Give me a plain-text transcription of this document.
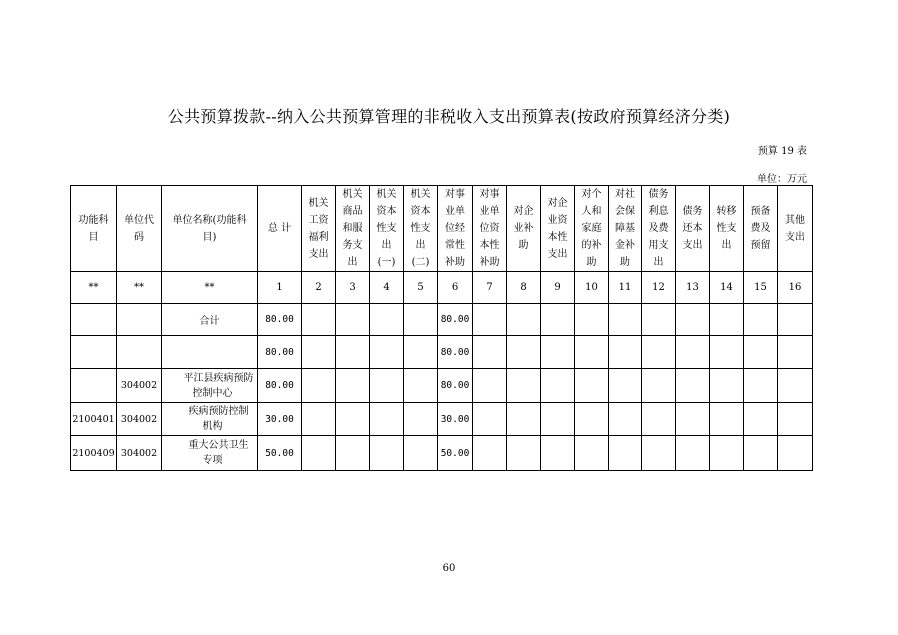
公共预算拨款--纳入公共预算管理的非税收入支出预算表(按政府预算经济分类)
预算 19 表
单位：万元
功能科
目	单位代
码	单位名称(功能科
目)	总 计	机关
工资
福利
支出	机关
商品
和服
务支
出	机关
资本
性支
出
(一)	机关
资本
性支
出
(二)	对事
业单
位经
常性
补助	对事
业单
位资
本性
补助	对企
业补
助	对企
业资
本性
支出	对个
人和
家庭
的补
助	对社
会保
障基
金补
助	债务
利息
及费
用支
出	债务
还本
支出	转移
性支
出	预备
费及
预留	其他
支出

**	**	**	1	2	3	4	5	6	7	8	9	10	11	12	13	14	15	16
		合计	80.00					80.00										
			80.00					80.00										
	304002	平江县疾病预防
控制中心	80.00					80.00										
2100401	304002	疾病预防控制
机构	30.00					30.00										
2100409	304002	重大公共卫生
专项	50.00					50.00										
60
